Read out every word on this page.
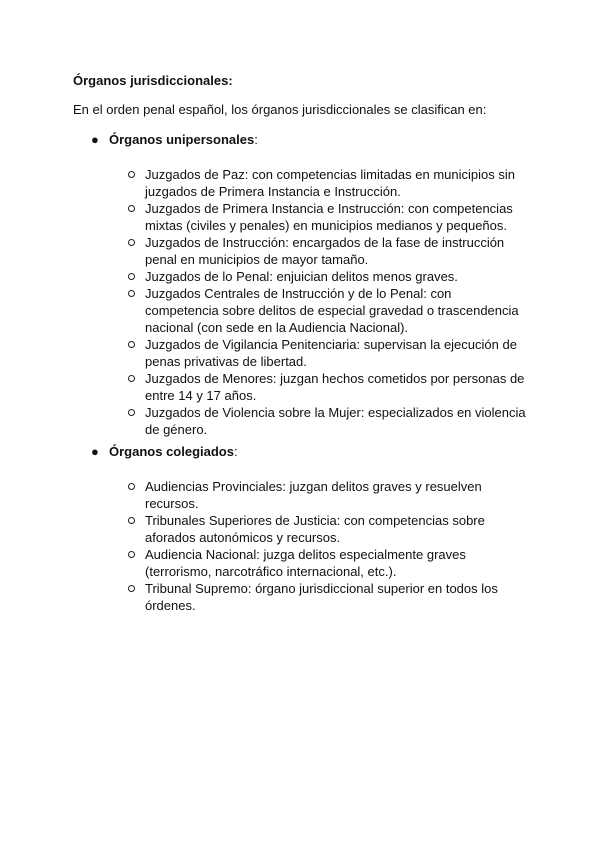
Órganos jurisdiccionales:

En el orden penal español, los órganos jurisdiccionales se clasifican en:

● Órganos unipersonales:

Juzgados de Paz: con competencias limitadas en municipios sin juzgados de Primera Instancia e Instrucción.
Juzgados de Primera Instancia e Instrucción: con competencias mixtas (civiles y penales) en municipios medianos y pequeños.
Juzgados de Instrucción: encargados de la fase de instrucción penal en municipios de mayor tamaño.
Juzgados de lo Penal: enjuician delitos menos graves.
Juzgados Centrales de Instrucción y de lo Penal: con competencia sobre delitos de especial gravedad o trascendencia nacional (con sede en la Audiencia Nacional).
Juzgados de Vigilancia Penitenciaria: supervisan la ejecución de penas privativas de libertad.
Juzgados de Menores: juzgan hechos cometidos por personas de entre 14 y 17 años.
Juzgados de Violencia sobre la Mujer: especializados en violencia de género.

● Órganos colegiados:

Audiencias Provinciales: juzgan delitos graves y resuelven recursos.
Tribunales Superiores de Justicia: con competencias sobre aforados autonómicos y recursos.
Audiencia Nacional: juzga delitos especialmente graves (terrorismo, narcotráfico internacional, etc.).
Tribunal Supremo: órgano jurisdiccional superior en todos los órdenes.
